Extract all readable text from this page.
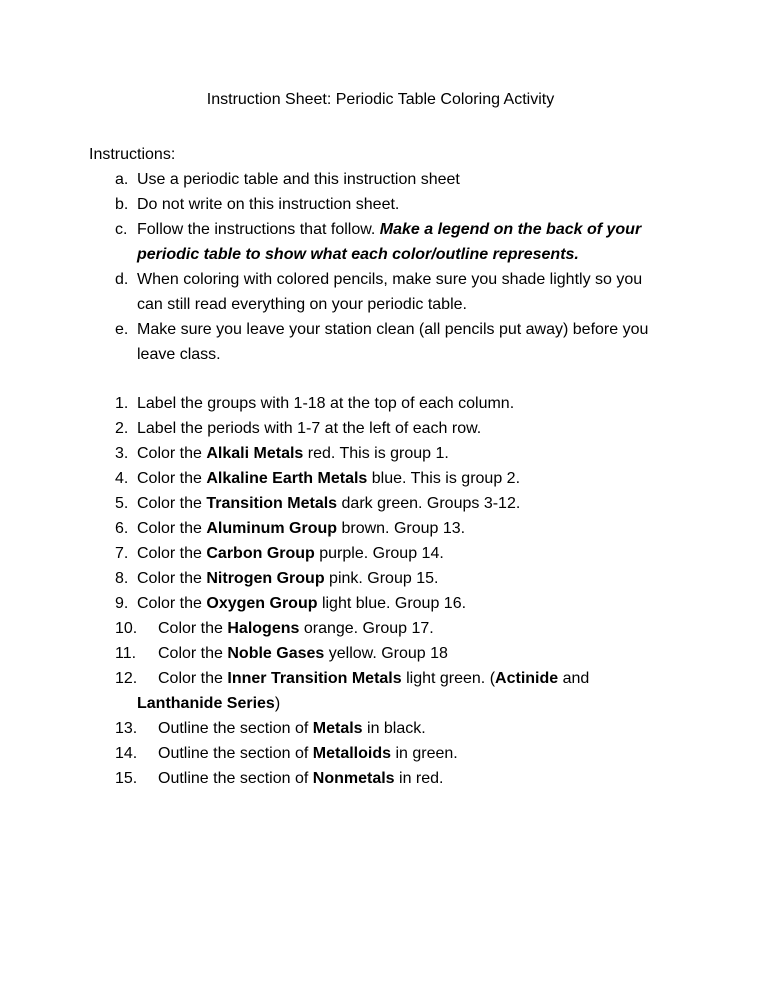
Instruction Sheet: Periodic Table Coloring Activity
Instructions:
a. Use a periodic table and this instruction sheet
b. Do not write on this instruction sheet.
c. Follow the instructions that follow. Make a legend on the back of your periodic table to show what each color/outline represents.
d. When coloring with colored pencils, make sure you shade lightly so you can still read everything on your periodic table.
e. Make sure you leave your station clean (all pencils put away) before you leave class.
1. Label the groups with 1-18 at the top of each column.
2. Label the periods with 1-7 at the left of each row.
3. Color the Alkali Metals red. This is group 1.
4. Color the Alkaline Earth Metals blue. This is group 2.
5. Color the Transition Metals dark green. Groups 3-12.
6. Color the Aluminum Group brown. Group 13.
7. Color the Carbon Group purple. Group 14.
8. Color the Nitrogen Group pink. Group 15.
9. Color the Oxygen Group light blue. Group 16.
10. Color the Halogens orange. Group 17.
11. Color the Noble Gases yellow. Group 18
12. Color the Inner Transition Metals light green. (Actinide and Lanthanide Series)
13. Outline the section of Metals in black.
14. Outline the section of Metalloids in green.
15. Outline the section of Nonmetals in red.
